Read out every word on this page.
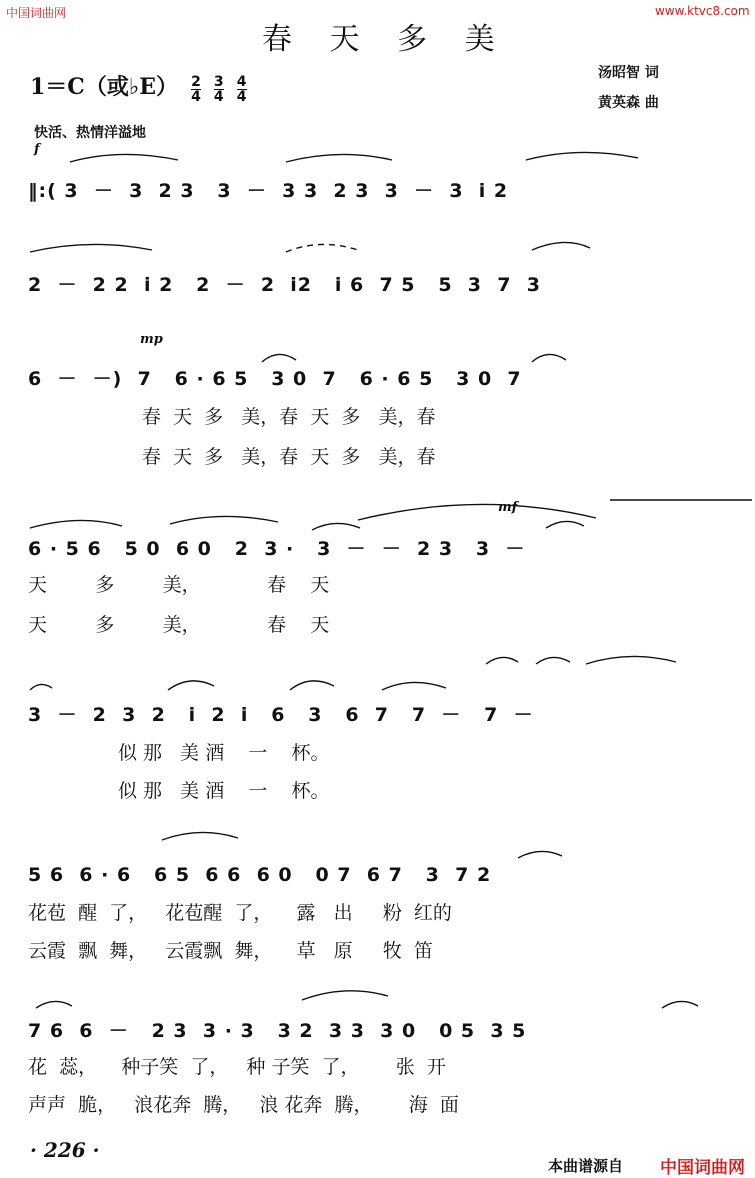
中国词曲网	www.ktvc8.com
春 天 多 美
1＝C（或♭E） $\frac{2}{4}$
$\frac{3}{4}$
$\frac{4}{4}$
汤昭智 词
黄英森 曲
快活、热情洋溢地
f
mp
mf
‖:( 3  －  3  2 3   3  －  3 3  2 3  3  －  3  i 2
2  －  2 2  i 2   2  －  2  i2   i 6  7 5   5  3  7  3
6  －  －)  7   6 · 6 5   3 0  7   6 · 6 5   3 0  7
春  天  多   美，春  天  多   美，春
春  天  多   美，春  天  多   美，春
6 · 5 6   5 0  6 0   2  3 ·   3  －  －  2 3   3  －
天        多        美，           春    天
天        多        美，           春    天
3  －  2  3  2   i  2  i   6   3   6  7   7  －   7  －
似 那   美 酒    一    杯。
似 那   美 酒    一    杯。
5 6  6 · 6   6 5  6 6  6 0   0 7  6 7   3  7 2
花苞  醒  了，   花苞醒  了，    露   出     粉  红的
云霞  飘  舞，   云霞飘  舞，    草   原     牧  笛
7 6  6  －   2 3  3 · 3   3 2  3 3  3 0   0 5  3 5
花  蕊，    种子笑  了，   种 子笑  了，      张  开
声声  脆，   浪花奔  腾，   浪 花奔  腾，      海  面
· 226 ·
本曲谱源自 中国词曲网
